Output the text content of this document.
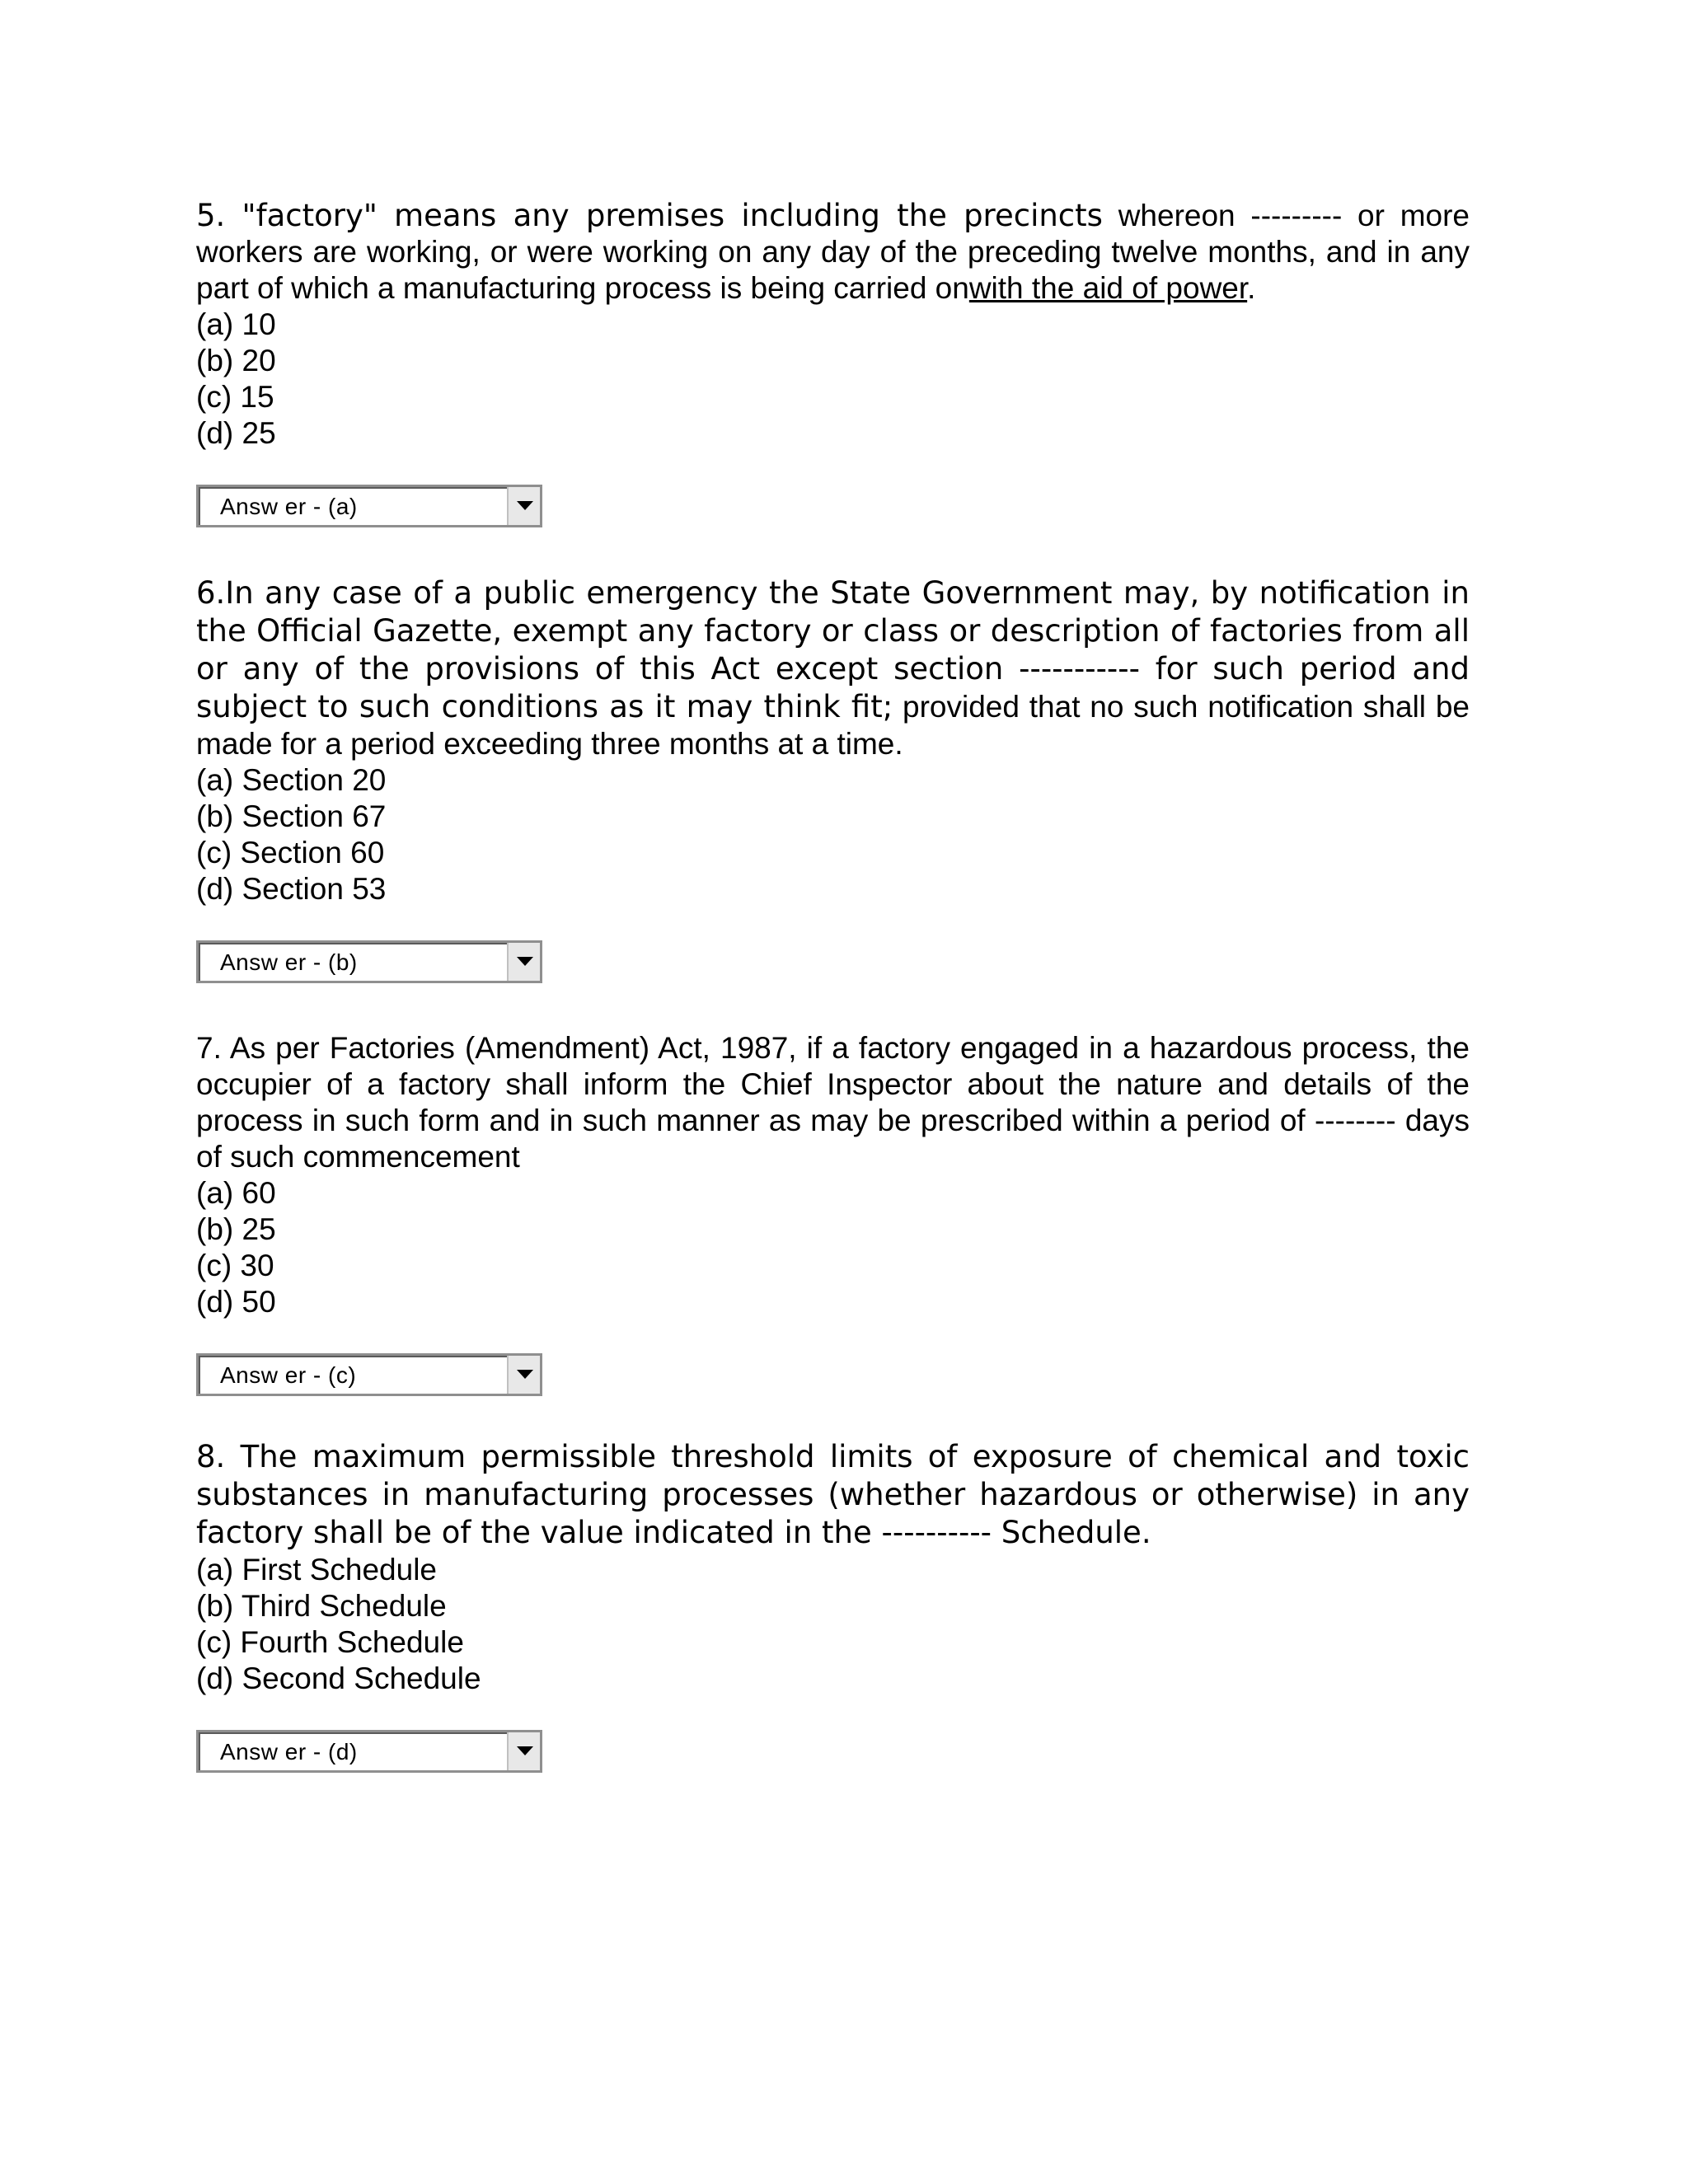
5. "factory" means any premises including the precincts whereon --------- or more workers are working, or were working on any day of the preceding twelve months, and in any part of which a manufacturing process is being carried onwith the aid of power.

(a) 10
(b) 20
(c) 15
(d) 25
Answ er - (a)

6.In any case of a public emergency the State Government may, by notification in the Official Gazette, exempt any factory or class or description of factories from all or any of the provisions of this Act except section ----------- for such period and subject to such conditions as it may think fit; provided that no such notification shall be made for a period exceeding three months at a time.

(a) Section 20
(b) Section 67
(c) Section 60
(d) Section 53
Answ er - (b)

7. As per Factories (Amendment) Act, 1987, if a factory engaged in a hazardous process, the occupier of a factory shall inform the Chief Inspector about the nature and details of the process in such form and in such manner as may be prescribed within a period of -------- days of such commencement

(a) 60
(b) 25
(c) 30
(d) 50
Answ er - (c)

8. The maximum permissible threshold limits of exposure of chemical and toxic substances in manufacturing processes (whether hazardous or otherwise) in any factory shall be of the value indicated in the ---------- Schedule.

(a) First Schedule
(b) Third Schedule
(c) Fourth Schedule
(d) Second Schedule
Answ er - (d)
